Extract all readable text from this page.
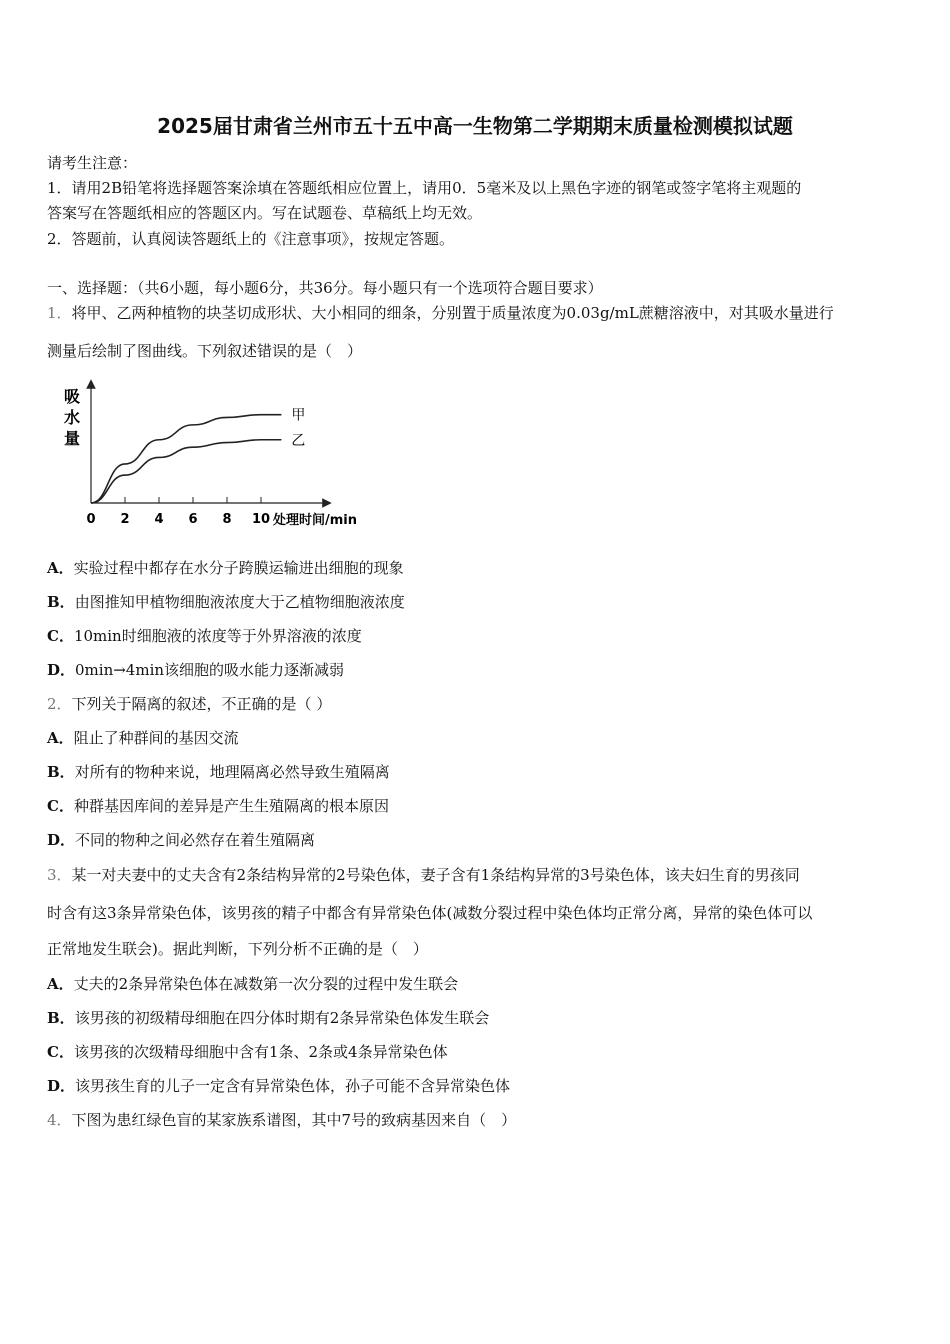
2025届甘肃省兰州市五十五中高一生物第二学期期末质量检测模拟试题
请考生注意：
1．请用2B铅笔将选择题答案涂填在答题纸相应位置上，请用0．5毫米及以上黑色字迹的钢笔或签字笔将主观题的
答案写在答题纸相应的答题区内。写在试题卷、草稿纸上均无效。
2．答题前，认真阅读答题纸上的《注意事项》，按规定答题。
一、选择题：（共6小题，每小题6分，共36分。每小题只有一个选项符合题目要求）
1．将甲、乙两种植物的块茎切成形状、大小相同的细条，分别置于质量浓度为0.03g/mL蔗糖溶液中，对其吸水量进行
测量后绘制了图曲线。下列叙述错误的是（　）
吸
水
量
0 2 4 6 8 10
甲
乙
处理时间/min
A．实验过程中都存在水分子跨膜运输进出细胞的现象
B．由图推知甲植物细胞液浓度大于乙植物细胞液浓度
C．10min时细胞液的浓度等于外界溶液的浓度
D．0min→4min该细胞的吸水能力逐渐减弱
2．下列关于隔离的叙述，不正确的是（ ）
A．阻止了种群间的基因交流
B．对所有的物种来说，地理隔离必然导致生殖隔离
C．种群基因库间的差异是产生生殖隔离的根本原因
D．不同的物种之间必然存在着生殖隔离
3．某一对夫妻中的丈夫含有2条结构异常的2号染色体，妻子含有1条结构异常的3号染色体，该夫妇生育的男孩同
时含有这3条异常染色体，该男孩的精子中都含有异常染色体(减数分裂过程中染色体均正常分离，异常的染色体可以
正常地发生联会)。据此判断，下列分析不正确的是（　）
A．丈夫的2条异常染色体在减数第一次分裂的过程中发生联会
B．该男孩的初级精母细胞在四分体时期有2条异常染色体发生联会
C．该男孩的次级精母细胞中含有1条、2条或4条异常染色体
D．该男孩生育的儿子一定含有异常染色体，孙子可能不含异常染色体
4．下图为患红绿色盲的某家族系谱图，其中7号的致病基因来自（　）
